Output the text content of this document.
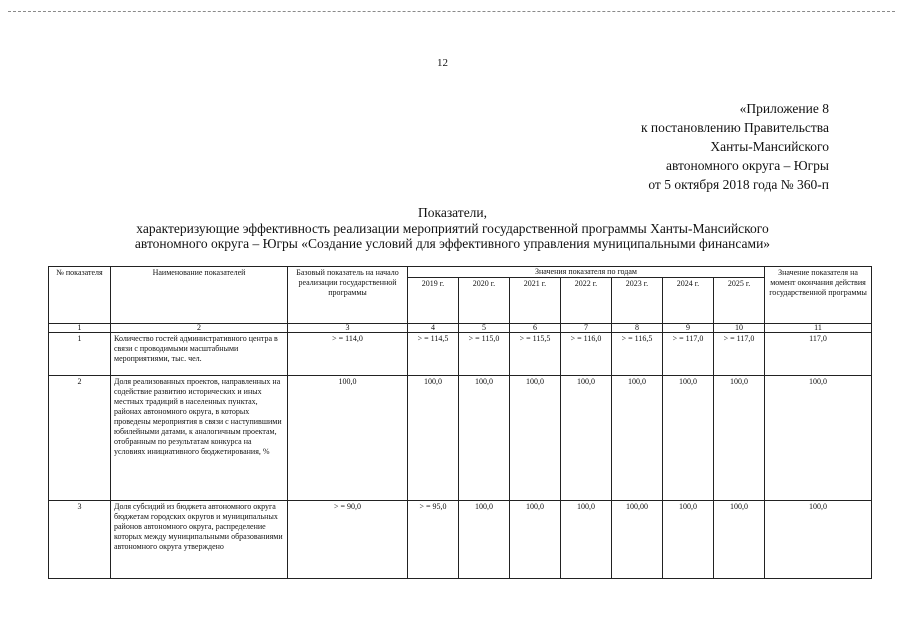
12
«Приложение 8
к постановлению Правительства
Ханты-Мансийского
автономного округа – Югры
от 5 октября 2018 года № 360-п
Показатели,
характеризующие эффективность реализации мероприятий государственной программы Ханты-Мансийского
автономного округа – Югры «Создание условий для эффективного управления муниципальными финансами»
№ показателя	Наименование показателей	Базовый показатель на начало реализации государственной программы	Значения показателя по годам							Значение показателя на момент окончания действия государственной программы
			2019 г.	2020 г.	2021 г.	2022 г.	2023 г.	2024 г.	2025 г.	
1	2	3	4	5	6	7	8	9	10	11
1	Количество гостей административного центра в связи с проводимыми масштабными мероприятиями, тыс. чел.	> = 114,0	> = 114,5	> = 115,0	> = 115,5	> = 116,0	> = 116,5	> = 117,0	> = 117,0	117,0
2	Доля реализованных проектов, направленных на содействие развитию исторических и иных местных традиций в населенных пунктах, районах автономного округа, в которых проведены мероприятия в связи с наступившими юбилейными датами, к аналогичным проектам, отобранным по результатам конкурса на условиях инициативного бюджетирования, %	100,0	100,0	100,0	100,0	100,0	100,0	100,0	100,0	100,0
3	Доля субсидий из бюджета автономного округа бюджетам городских округов и муниципальных районов автономного округа, распределение которых между муниципальными образованиями автономного округа утверждено	> = 90,0	> = 95,0	100,0	100,0	100,0	100,00	100,0	100,0	100,0
